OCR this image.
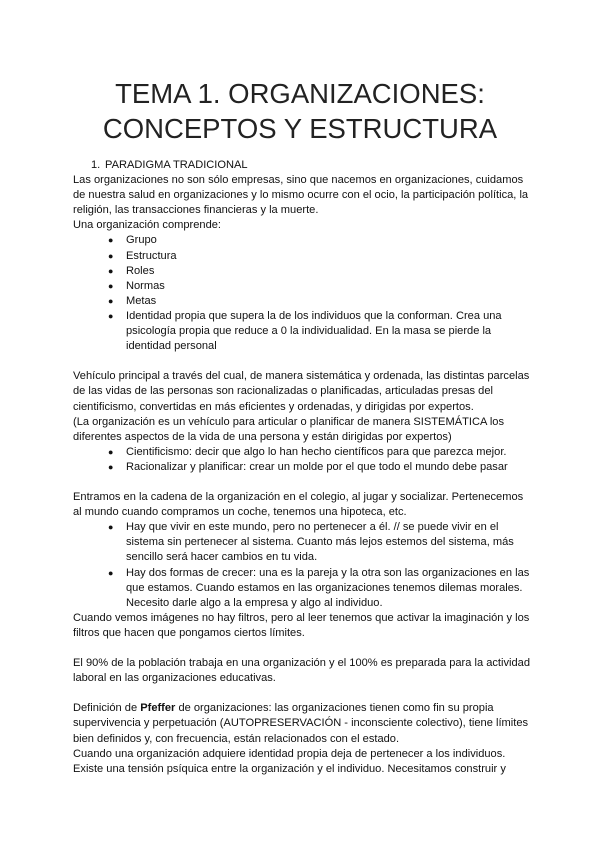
TEMA 1. ORGANIZACIONES:
CONCEPTOS Y ESTRUCTURA
1. PARADIGMA TRADICIONAL

Las organizaciones no son sólo empresas, sino que nacemos en organizaciones, cuidamos de nuestra salud en organizaciones y lo mismo ocurre con el ocio, la participación política, la religión, las transacciones financieras y la muerte.

Una organización comprende:

● Grupo
● Estructura
● Roles
● Normas
● Metas
● Identidad propia que supera la de los individuos que la conforman. Crea una psicología propia que reduce a 0 la individualidad. En la masa se pierde la identidad personal

Vehículo principal a través del cual, de manera sistemática y ordenada, las distintas parcelas de las vidas de las personas son racionalizadas o planificadas, articuladas presas del cientificismo, convertidas en más eficientes y ordenadas, y dirigidas por expertos.

(La organización es un vehículo para articular o planificar de manera SISTEMÁTICA los diferentes aspectos de la vida de una persona y están dirigidas por expertos)

● Cientificismo: decir que algo lo han hecho científicos para que parezca mejor.
● Racionalizar y planificar: crear un molde por el que todo el mundo debe pasar

Entramos en la cadena de la organización en el colegio, al jugar y socializar. Pertenecemos al mundo cuando compramos un coche, tenemos una hipoteca, etc.

● Hay que vivir en este mundo, pero no pertenecer a él. // se puede vivir en el sistema sin pertenecer al sistema. Cuanto más lejos estemos del sistema, más sencillo será hacer cambios en tu vida.
● Hay dos formas de crecer: una es la pareja y la otra son las organizaciones en las que estamos. Cuando estamos en las organizaciones tenemos dilemas morales. Necesito darle algo a la empresa y algo al individuo.

Cuando vemos imágenes no hay filtros, pero al leer tenemos que activar la imaginación y los filtros que hacen que pongamos ciertos límites.

El 90% de la población trabaja en una organización y el 100% es preparada para la actividad laboral en las organizaciones educativas.

Definición de Pfeffer de organizaciones: las organizaciones tienen como fin su propia supervivencia y perpetuación (AUTOPRESERVACIÓN - inconsciente colectivo), tiene límites bien definidos y, con frecuencia, están relacionados con el estado.

Cuando una organización adquiere identidad propia deja de pertenecer a los individuos. Existe una tensión psíquica entre la organización y el individuo. Necesitamos construir y
